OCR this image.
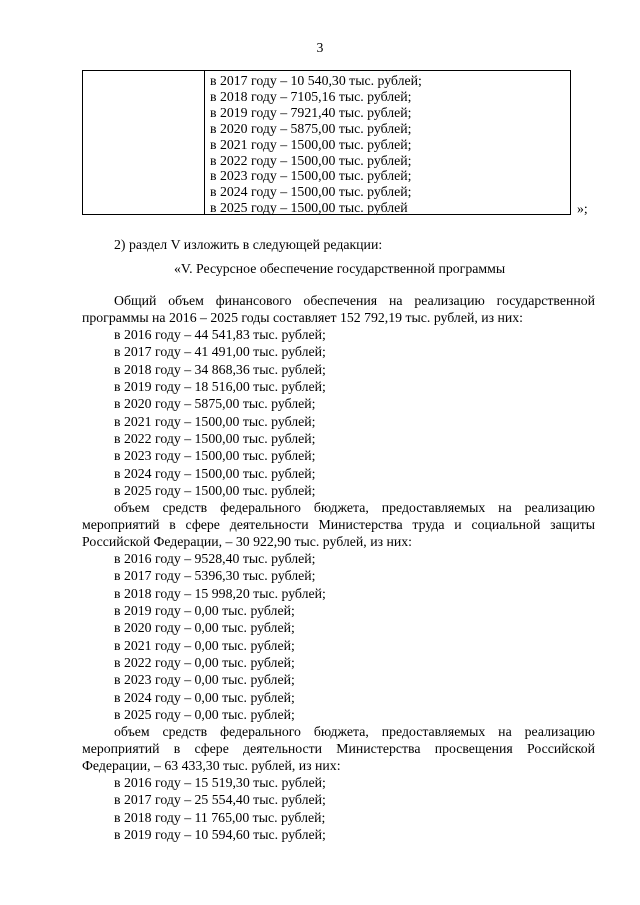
3
в 2017 году – 10 540,30 тыс. рублей;
в 2018 году – 7105,16 тыс. рублей;
в 2019 году – 7921,40 тыс. рублей;
в 2020 году – 5875,00 тыс. рублей;
в 2021 году – 1500,00 тыс. рублей;
в 2022 году – 1500,00 тыс. рублей;
в 2023 году – 1500,00 тыс. рублей;
в 2024 году – 1500,00 тыс. рублей;
в 2025 году – 1500,00 тыс. рублей	»;
2) раздел V изложить в следующей редакции:
«V. Ресурсное обеспечение государственной программы
Общий объем финансового обеспечения на реализацию государственной
программы на 2016 – 2025 годы составляет 152 792,19 тыс. рублей, из них:
в 2016 году – 44 541,83 тыс. рублей;
в 2017 году – 41 491,00 тыс. рублей;
в 2018 году – 34 868,36 тыс. рублей;
в 2019 году – 18 516,00 тыс. рублей;
в 2020 году – 5875,00 тыс. рублей;
в 2021 году – 1500,00 тыс. рублей;
в 2022 году – 1500,00 тыс. рублей;
в 2023 году – 1500,00 тыс. рублей;
в 2024 году – 1500,00 тыс. рублей;
в 2025 году – 1500,00 тыс. рублей;
объем средств федерального бюджета, предоставляемых на реализацию
мероприятий в сфере деятельности Министерства труда и социальной защиты
Российской Федерации, – 30 922,90 тыс. рублей, из них:
в 2016 году – 9528,40 тыс. рублей;
в 2017 году – 5396,30 тыс. рублей;
в 2018 году – 15 998,20 тыс. рублей;
в 2019 году – 0,00 тыс. рублей;
в 2020 году – 0,00 тыс. рублей;
в 2021 году – 0,00 тыс. рублей;
в 2022 году – 0,00 тыс. рублей;
в 2023 году – 0,00 тыс. рублей;
в 2024 году – 0,00 тыс. рублей;
в 2025 году – 0,00 тыс. рублей;
объем средств федерального бюджета, предоставляемых на реализацию
мероприятий в сфере деятельности Министерства просвещения Российской
Федерации, – 63 433,30 тыс. рублей, из них:
в 2016 году – 15 519,30 тыс. рублей;
в 2017 году – 25 554,40 тыс. рублей;
в 2018 году – 11 765,00 тыс. рублей;
в 2019 году – 10 594,60 тыс. рублей;
